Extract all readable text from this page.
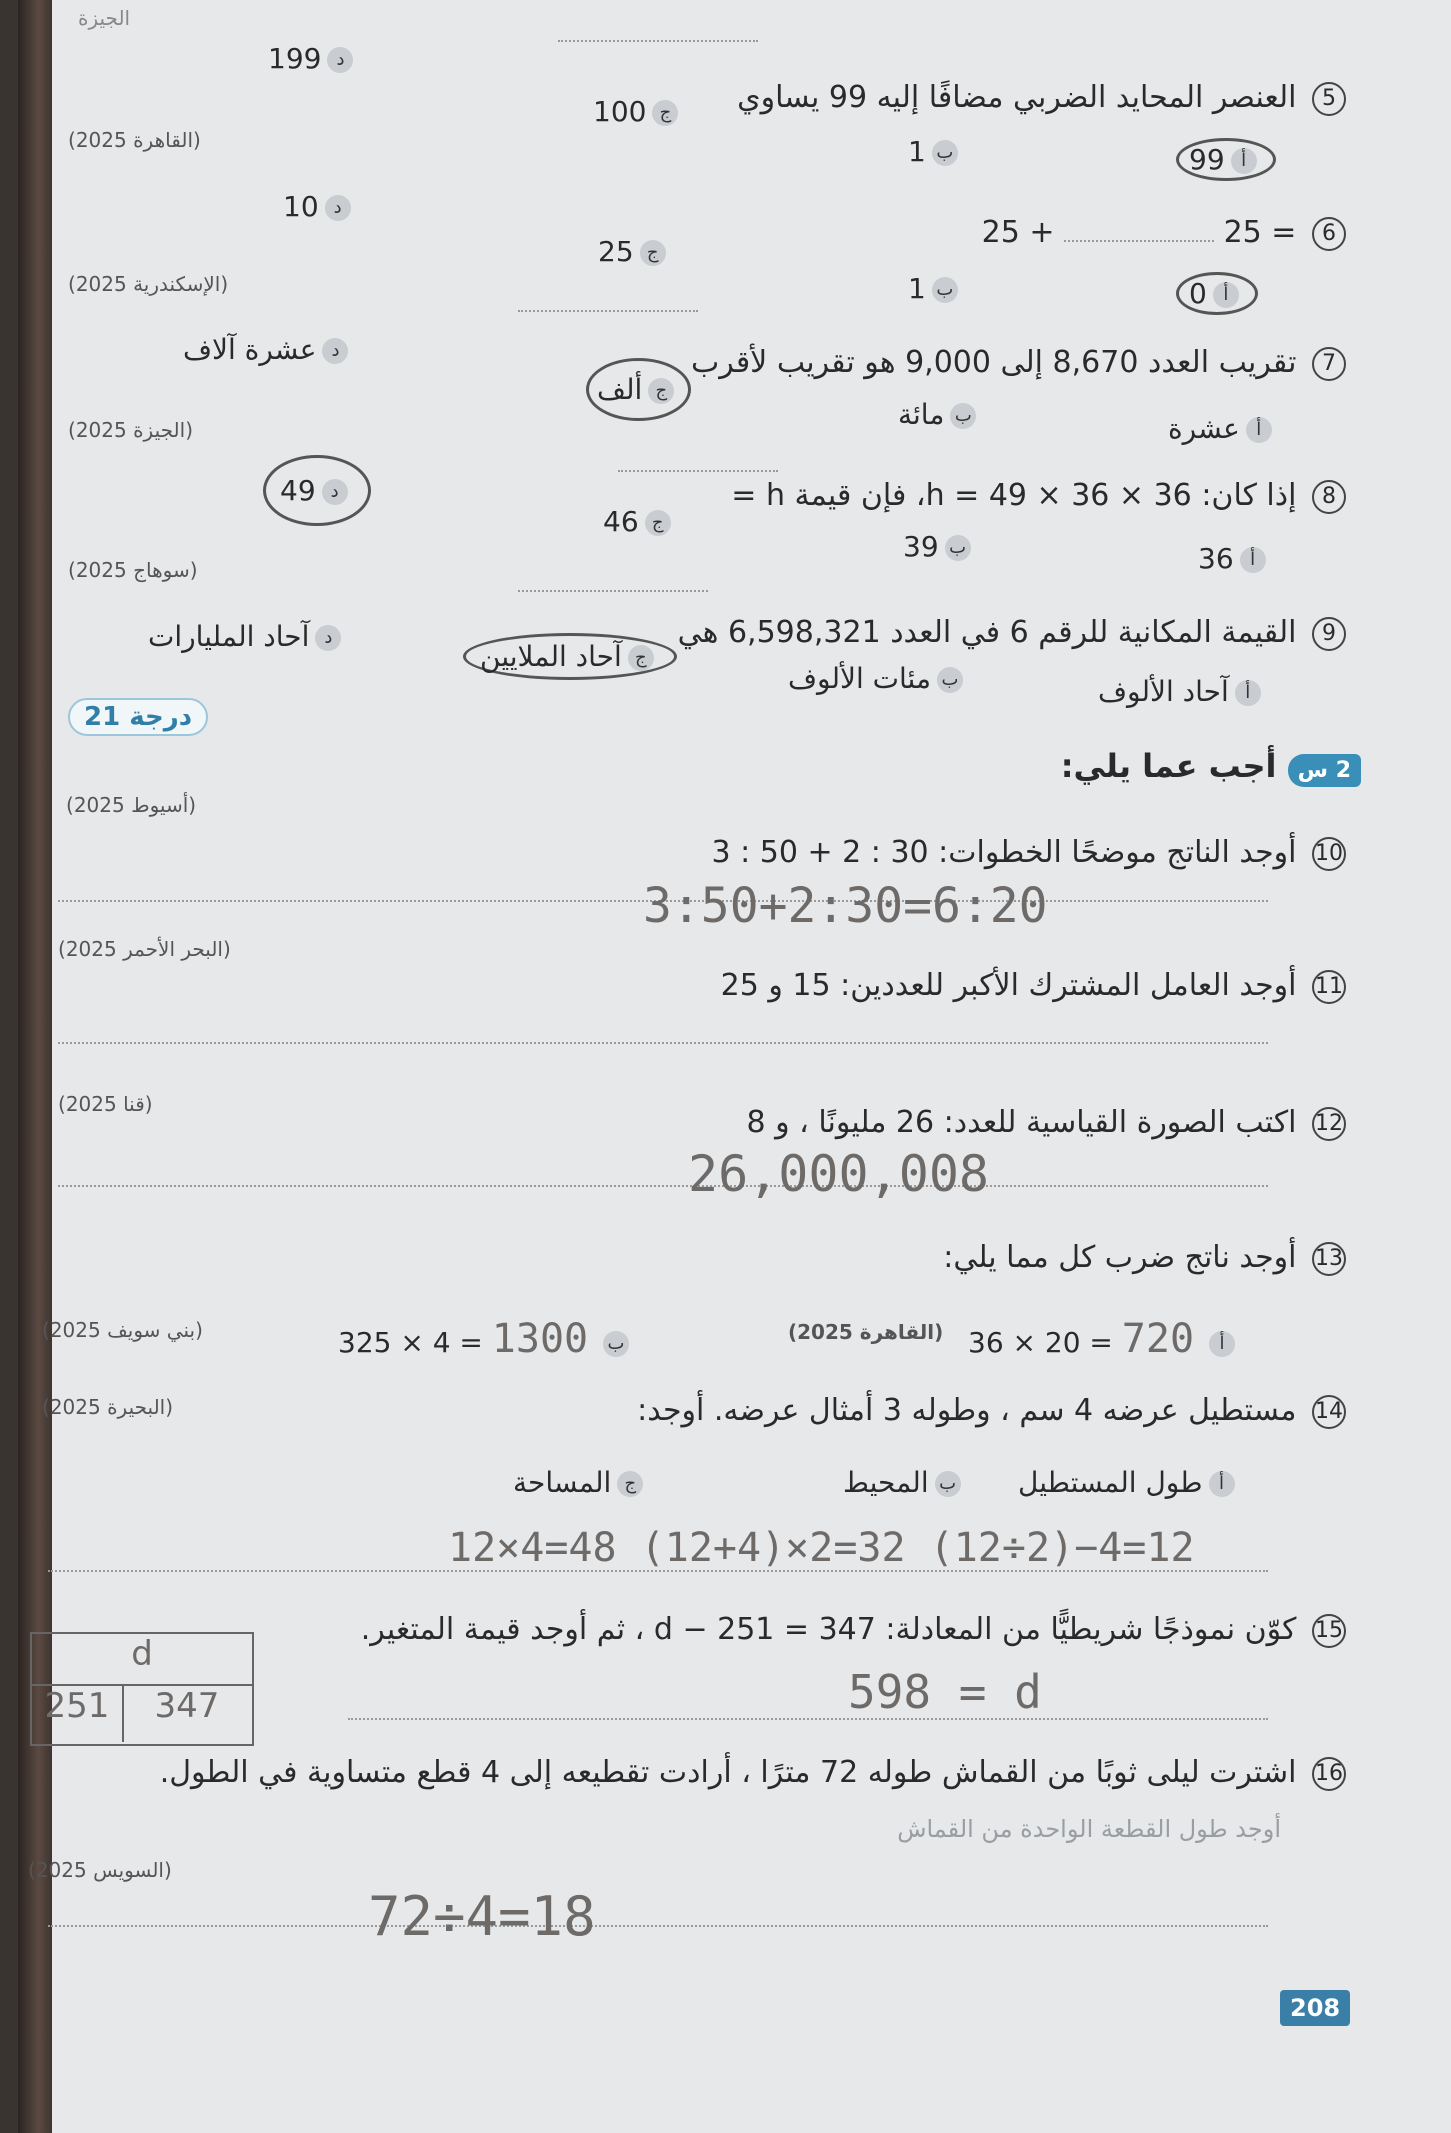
الجيزة
5 العنصر المحايد الضربي مضافًا إليه 99 يساوي
199 د
100 ج
1 ب	99 أ
(القاهرة 2025)
6 = 25  + 25
10 د
25 ج
1 ب	0 أ
(الإسكندرية 2025)
7 تقريب العدد 8,670 إلى 9,000 هو تقريب لأقرب
عشرة آلاف د
ألف ج
مائة ب	عشرة أ
(الجيزة 2025)
8 إذا كان: 36 × h = 49 × 36، فإن قيمة h =
49 د
46 ج
39 ب	36 أ
(سوهاج 2025)
9 القيمة المكانية للرقم 6 في العدد 6,598,321 هي
آحاد المليارات د
آحاد الملايين ج
مئات الألوف ب	آحاد الألوف أ
21 درجة
2 س أجب عما يلي:
(أسيوط 2025)
10 أوجد الناتج موضحًا الخطوات: 30 : 2 + 50 : 3
3:50+2:30=6:20
(البحر الأحمر 2025)
11 أوجد العامل المشترك الأكبر للعددين: 15 و 25
(قنا 2025)
12 اكتب الصورة القياسية للعدد: 26 مليونًا ، و 8
26,000,008
13 أوجد ناتج ضرب كل مما يلي:
(بني سويف 2025)	325 × 4 = 1300 ب	(القاهرة 2025) 36 × 20 = 720 أ
(البحيرة 2025)	14 مستطيل عرضه 4 سم ، وطوله 3 أمثال عرضه. أوجد:
طول المستطيل أ
المحيط ب
المساحة ج
12×4=48 (12+4)×2=32 (12÷2)−4=12
15 كوّن نموذجًا شريطيًّا من المعادلة: d − 251 = 347 ، ثم أوجد قيمة المتغير.
d
251	347	598 = d
16 اشترت ليلى ثوبًا من القماش طوله 72 مترًا ، أرادت تقطيعه إلى 4 قطع متساوية في الطول.
أوجد طول القطعة الواحدة من القماش
(السويس 2025)
72÷4=18
208
